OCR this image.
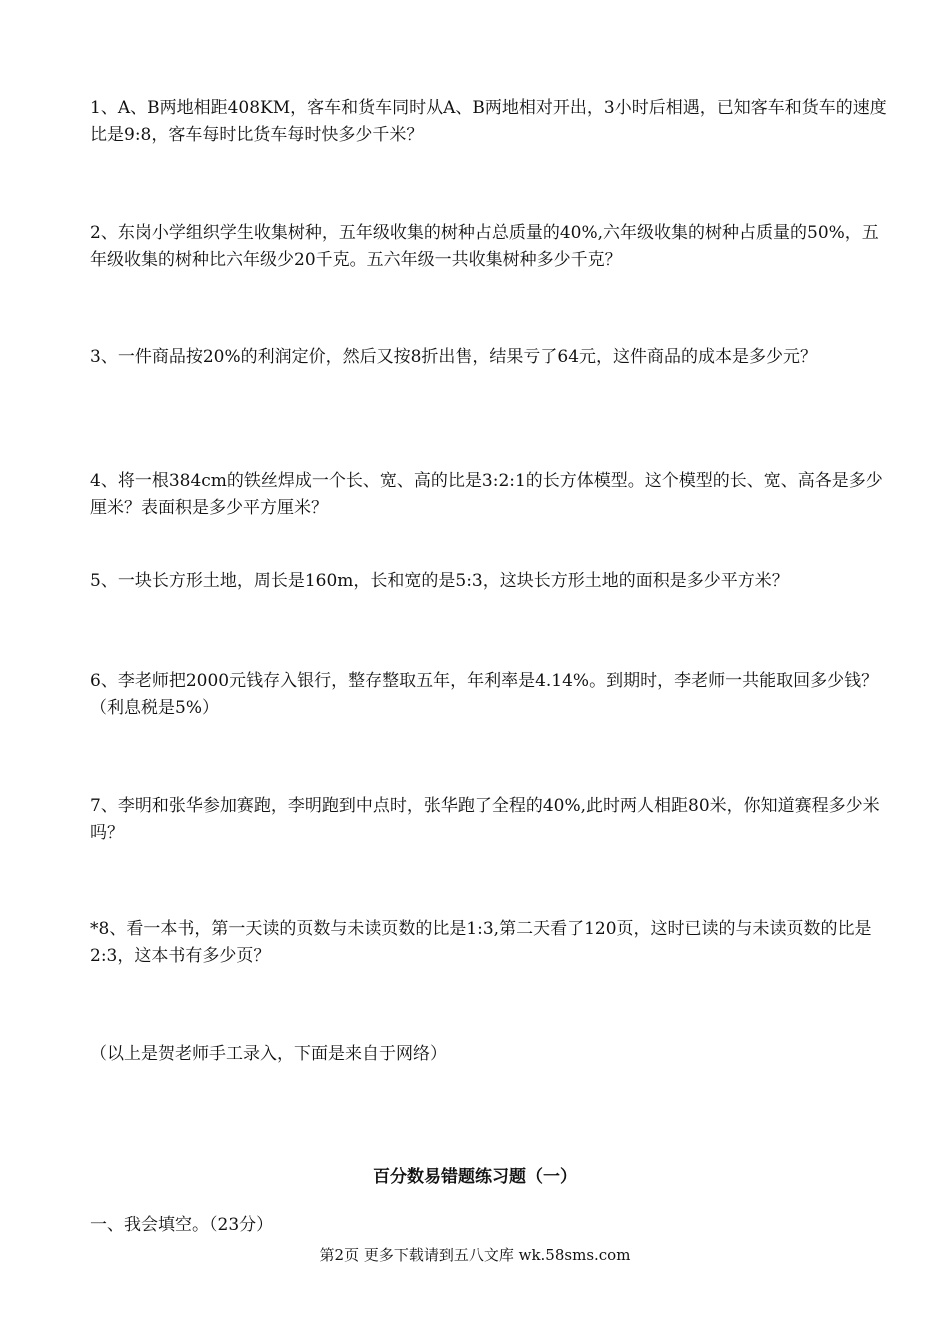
1、A、B两地相距408KM，客车和货车同时从A、B两地相对开出，3小时后相遇，已知客车和货车的速度比是9:8，客车每时比货车每时快多少千米？

2、东岗小学组织学生收集树种，五年级收集的树种占总质量的40%,六年级收集的树种占质量的50%，五年级收集的树种比六年级少20千克。五六年级一共收集树种多少千克？

3、一件商品按20%的利润定价，然后又按8折出售，结果亏了64元，这件商品的成本是多少元？

4、将一根384cm的铁丝焊成一个长、宽、高的比是3:2:1的长方体模型。这个模型的长、宽、高各是多少厘米？表面积是多少平方厘米？

5、一块长方形土地，周长是160m，长和宽的是5:3，这块长方形土地的面积是多少平方米？

6、李老师把2000元钱存入银行，整存整取五年，年利率是4.14%。到期时，李老师一共能取回多少钱？（利息税是5%）

7、李明和张华参加赛跑，李明跑到中点时，张华跑了全程的40%,此时两人相距80米，你知道赛程多少米吗？

*8、看一本书，第一天读的页数与未读页数的比是1:3,第二天看了120页，这时已读的与未读页数的比是2:3，这本书有多少页？

（以上是贺老师手工录入，下面是来自于网络）

百分数易错题练习题（一）

一、我会填空。（23分）

第2页 更多下载请到五八文库 wk.58sms.com
